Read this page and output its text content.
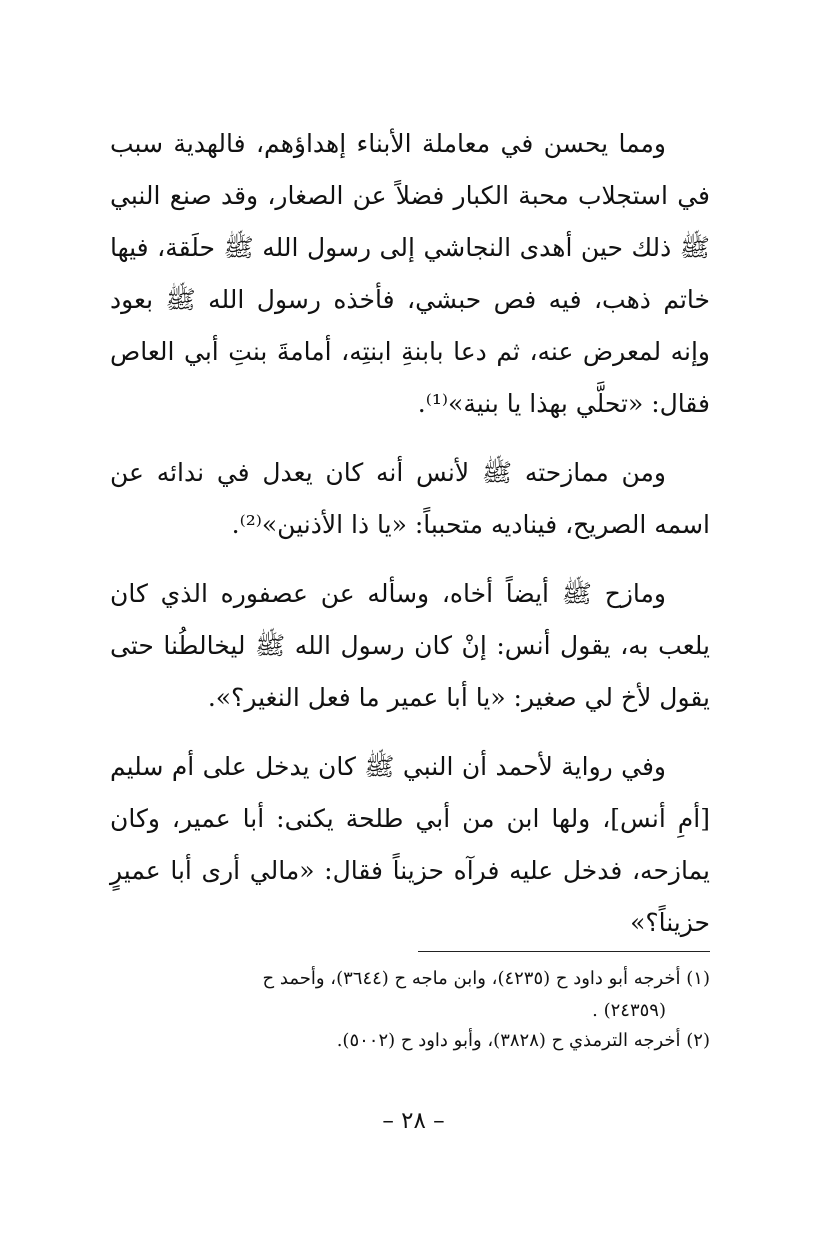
ومما يحسن في معاملة الأبناء إهداؤهم، فالهدية سبب في استجلاب محبة الكبار فضلاً عن الصغار، وقد صنع النبي ﷺ ذلك حين أهدى النجاشي إلى رسول الله ﷺ حلَقة، فيها خاتم ذهب، فيه فص حبشي، فأخذه رسول الله ﷺ بعود وإنه لمعرض عنه، ثم دعا بابنةِ ابنتِه، أمامةَ بنتِ أبي العاص فقال: «تحلَّي بهذا يا بنية»⁽¹⁾.

ومن ممازحته ﷺ لأنس أنه كان يعدل في ندائه عن اسمه الصريح، فيناديه متحبباً: «يا ذا الأذنين»⁽²⁾.

ومازح ﷺ أيضاً أخاه، وسأله عن عصفوره الذي كان يلعب به، يقول أنس: إنْ كان رسول الله ﷺ ليخالطُنا حتى يقول لأخ لي صغير: «يا أبا عمير ما فعل النغير؟».

وفي رواية لأحمد أن النبي ﷺ كان يدخل على أم سليم [أمِ أنس]، ولها ابن من أبي طلحة يكنى: أبا عمير، وكان يمازحه، فدخل عليه فرآه حزيناً فقال: «مالي أرى أبا عميرٍ حزيناً؟»

(١) أخرجه أبو داود ح (٤٢٣٥)، وابن ماجه ح (٣٦٤٤)، وأحمد ح

(٢٤٣٥٩) .

(٢) أخرجه الترمذي ح (٣٨٢٨)، وأبو داود ح (٥٠٠٢).

– ٢٨ –
